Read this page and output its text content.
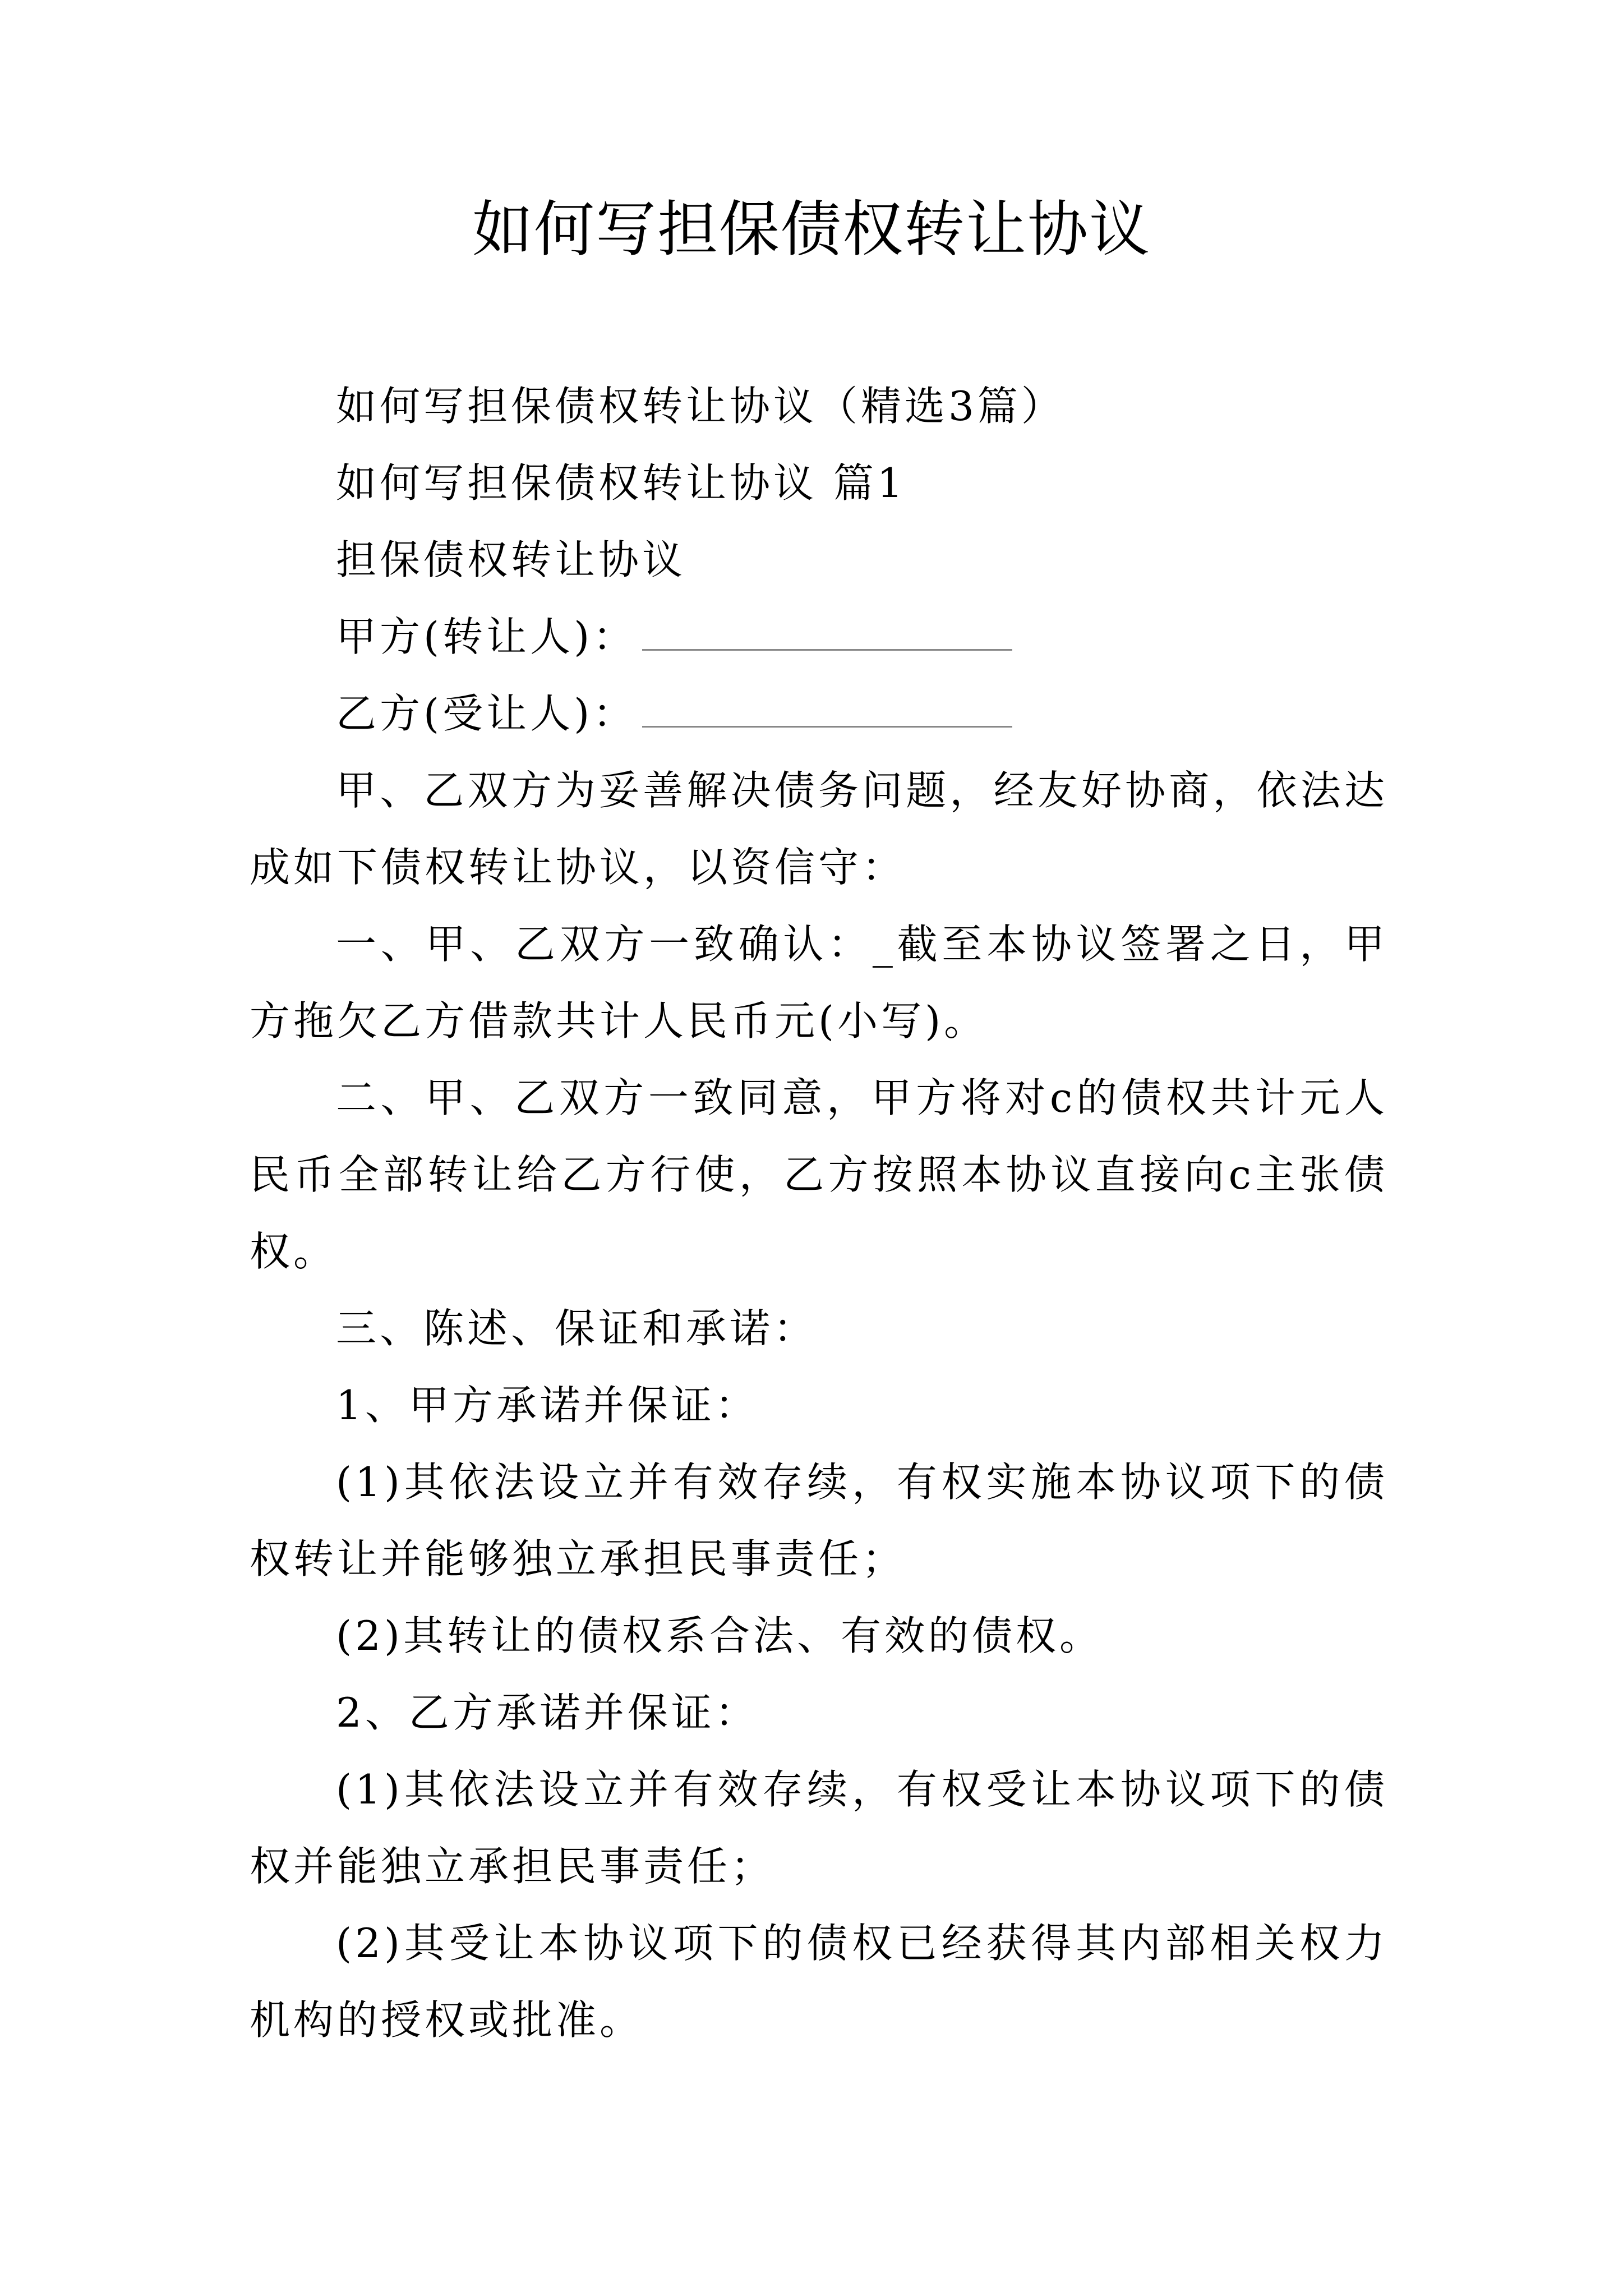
如何写担保债权转让协议

如何写担保债权转让协议（精选3篇）

如何写担保债权转让协议 篇1

担保债权转让协议

甲方(转让人)：

乙方(受让人)：

甲、乙双方为妥善解决债务问题，经友好协商，依法达成如下债权转让协议，以资信守：

一、甲、乙双方一致确认：_截至本协议签署之日，甲方拖欠乙方借款共计人民币元(小写)。

二、甲、乙双方一致同意，甲方将对c的债权共计元人民币全部转让给乙方行使，乙方按照本协议直接向c主张债权。

三、陈述、保证和承诺：

1、甲方承诺并保证：

(1)其依法设立并有效存续，有权实施本协议项下的债权转让并能够独立承担民事责任；

(2)其转让的债权系合法、有效的债权。

2、乙方承诺并保证：

(1)其依法设立并有效存续，有权受让本协议项下的债权并能独立承担民事责任；

(2)其受让本协议项下的债权已经获得其内部相关权力机构的授权或批准。
